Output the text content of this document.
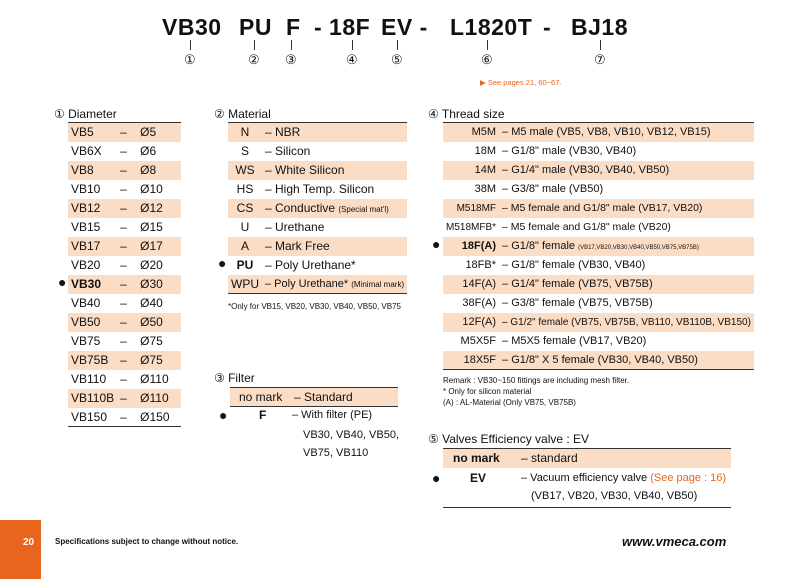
VB30 PU F - 18F EV - L1820T - BJ18
①	② ③	④	⑤	⑥	⑦
▶ See pages 21, 60~67.
① Diameter
VB5	–	Ø5
VB6X	–	Ø6
VB8	–	Ø8
VB10	–	Ø10
VB12	–	Ø12
VB15	–	Ø15
VB17	–	Ø17
VB20	–	Ø20
VB30	–	Ø30
VB40	–	Ø40
VB50	–	Ø50
VB75	–	Ø75
VB75B	–	Ø75
VB110	–	Ø110
VB110B	–	Ø110
VB150	–	Ø150
●
② Material
N	– NBR
S	– Silicon
WS	– White Silicon
HS	– High Temp. Silicon
CS	– Conductive (Special mat'l)
U	– Urethane
A	– Mark Free
PU	– Poly Urethane*
WPU	– Poly Urethane* (Minimal mark)
●
*Only for VB15, VB20, VB30, VB40, VB50, VB75
③ Filter
no mark – Standard
●	F – With filter (PE)
VB30, VB40, VB50,
VB75, VB110
④ Thread size
M5M	– M5 male (VB5, VB8, VB10, VB12, VB15)
18M	– G1/8" male (VB30, VB40)
14M	– G1/4" male (VB30, VB40, VB50)
38M	– G3/8" male (VB50)
M518MF	– M5 female and G1/8" male (VB17, VB20)
M518MFB*	– M5 female and G1/8" male (VB20)
18F(A)	– G1/8" female (VB17,VB20,VB30,VB40,VB50,VB75,VB75B)
18FB*	– G1/8" female (VB30, VB40)
14F(A)	– G1/4" female (VB75, VB75B)
38F(A)	– G3/8" female (VB75, VB75B)
12F(A)	– G1/2" female (VB75, VB75B, VB110, VB110B, VB150)
M5X5F	– M5X5 female (VB17, VB20)
18X5F	– G1/8" X 5 female (VB30, VB40, VB50)
●
Remark : VB30~150 fittings are including mesh filter.
* Only for silicon material
(A) : AL-Material (Only VB75, VB75B)
⑤ Valves Efficiency valve : EV
no mark – standard
● EV	– Vacuum efficiency valve (See page : 16)
(VB17, VB20, VB30, VB40, VB50)
20	Specifications subject to change without notice.	www.vmeca.com
